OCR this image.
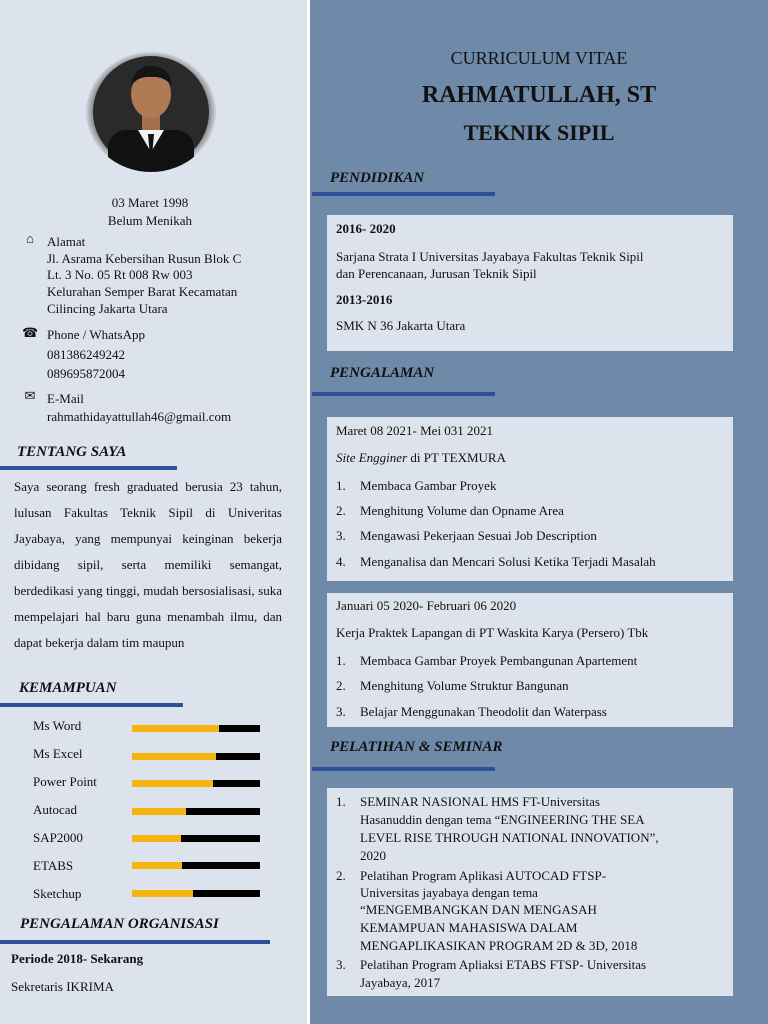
03 Maret 1998
Belum Menikah
⌂	Alamat
Jl. Asrama Kebersihan Rusun Blok C
Lt. 3 No. 05 Rt 008 Rw 003
Kelurahan Semper Barat Kecamatan
Cilincing Jakarta Utara
☎ Phone / WhatsApp
081386249242
089695872004
✉ E-Mail
rahmathidayattullah46@gmail.com
TENTANG SAYA
Saya seorang fresh graduated berusia 23 tahun, lulusan Fakultas Teknik Sipil di Univeritas Jayabaya, yang mempunyai keinginan bekerja dibidang sipil, serta memiliki semangat, berdedikasi yang tinggi, mudah bersosialisasi, suka mempelajari hal baru guna menambah ilmu, dan dapat bekerja dalam tim maupun
KEMAMPUAN
Ms Word
Ms Excel
Power Point
Autocad
SAP2000
ETABS
Sketchup
PENGALAMAN ORGANISASI
Periode 2018- Sekarang
Sekretaris IKRIMA
CURRICULUM VITAE
RAHMATULLAH, ST
TEKNIK SIPIL
PENDIDIKAN
2016- 2020
Sarjana Strata I Universitas Jayabaya Fakultas Teknik Sipil
dan Perencanaan, Jurusan Teknik Sipil
2013-2016
SMK N 36 Jakarta Utara
PENGALAMAN
Maret 08 2021- Mei 031 2021
Site Engginer di PT TEXMURA
1. Membaca Gambar Proyek
2. Menghitung Volume dan Opname Area
3. Mengawasi Pekerjaan Sesuai Job Description
4. Menganalisa dan Mencari Solusi Ketika Terjadi Masalah
Januari 05 2020- Februari 06 2020
Kerja Praktek Lapangan di PT Waskita Karya (Persero) Tbk
1. Membaca Gambar Proyek Pembangunan Apartement
2. Menghitung Volume Struktur Bangunan
3. Belajar Menggunakan Theodolit dan Waterpass
PELATIHAN & SEMINAR
1. SEMINAR NASIONAL HMS FT-Universitas
Hasanuddin dengan tema “ENGINEERING THE SEA
LEVEL RISE THROUGH NATIONAL INNOVATION”,
2020
2. Pelatihan Program Aplikasi AUTOCAD FTSP-
Universitas jayabaya dengan tema
“MENGEMBANGKAN DAN MENGASAH
KEMAMPUAN MAHASISWA DALAM
MENGAPLIKASIKAN PROGRAM 2D & 3D, 2018
3. Pelatihan Program Apliaksi ETABS FTSP- Universitas
Jayabaya, 2017
